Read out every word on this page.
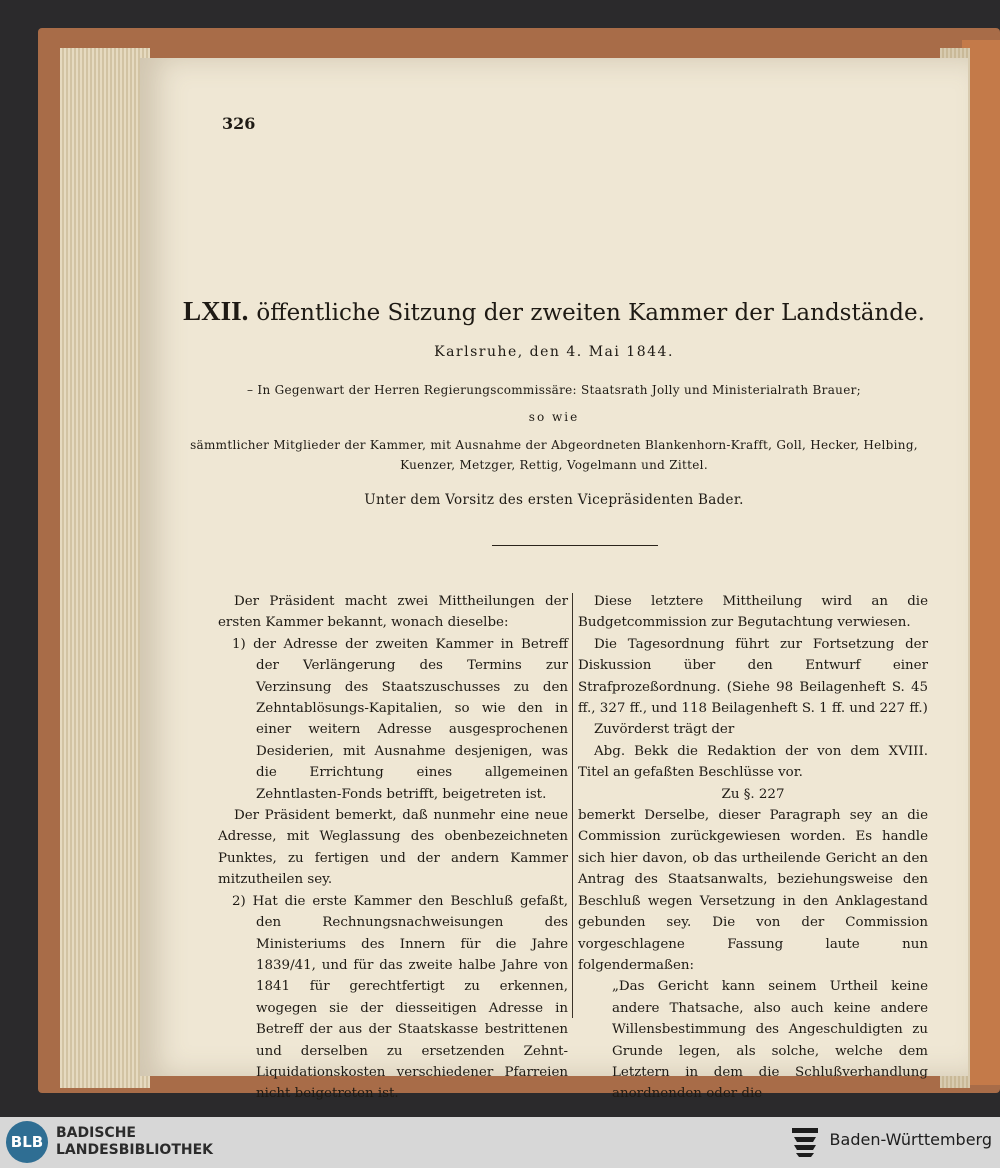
326
LXII. öffentliche Sitzung der zweiten Kammer der Landstände.
Karlsruhe, den 4. Mai 1844.
– In Gegenwart der Herren Regierungscommissäre: Staatsrath Jolly und Ministerialrath Brauer;
so wie
sämmtlicher Mitglieder der Kammer, mit Ausnahme der Abgeordneten Blankenhorn-Krafft, Goll, Hecker, Helbing,
Kuenzer, Metzger, Rettig, Vogelmann und Zittel.
Unter dem Vorsitz des ersten Vicepräsidenten Bader.

Der Präsident macht zwei Mittheilungen der ersten Kammer bekannt, wonach dieselbe:

1) der Adresse der zweiten Kammer in Betreff der Verlängerung des Termins zur Verzinsung des Staatszuschusses zu den Zehntablösungs-Kapitalien, so wie den in einer weitern Adresse ausgesprochenen Desiderien, mit Ausnahme desjenigen, was die Errichtung eines allgemeinen Zehntlasten-Fonds betrifft, beigetreten ist.

Der Präsident bemerkt, daß nunmehr eine neue Adresse, mit Weglassung des obenbezeichneten Punktes, zu fertigen und der andern Kammer mitzutheilen sey.

2) Hat die erste Kammer den Beschluß gefaßt, den Rechnungsnachweisungen des Ministeriums des Innern für die Jahre 1839/41, und für das zweite halbe Jahre von 1841 für gerechtfertigt zu erkennen, wogegen sie der diesseitigen Adresse in Betreff der aus der Staatskasse bestrittenen und derselben zu ersetzenden Zehnt-Liquidationskosten verschiedener Pfarreien nicht beigetreten ist.

Diese letztere Mittheilung wird an die Budgetcommission zur Begutachtung verwiesen.

Die Tagesordnung führt zur Fortsetzung der Diskussion über den Entwurf einer Strafprozeßordnung. (Siehe 98 Beilagenheft S. 45 ff., 327 ff., und 118 Beilagenheft S. 1 ff. und 227 ff.)

Zuvörderst trägt der

Abg. Bekk die Redaktion der von dem XVIII. Titel an gefaßten Beschlüsse vor.

Zu §. 227

bemerkt Derselbe, dieser Paragraph sey an die Commission zurückgewiesen worden. Es handle sich hier davon, ob das urtheilende Gericht an den Antrag des Staatsanwalts, beziehungsweise den Beschluß wegen Versetzung in den Anklagestand gebunden sey. Die von der Commission vorgeschlagene Fassung laute nun folgendermaßen:

„Das Gericht kann seinem Urtheil keine andere Thatsache, also auch keine andere Willensbestimmung des Angeschuldigten zu Grunde legen, als solche, welche dem Letztern in dem die Schlußverhandlung anordnenden oder die

BLB BADISCHE
LANDESBIBLIOTHEK
Baden-Württemberg
